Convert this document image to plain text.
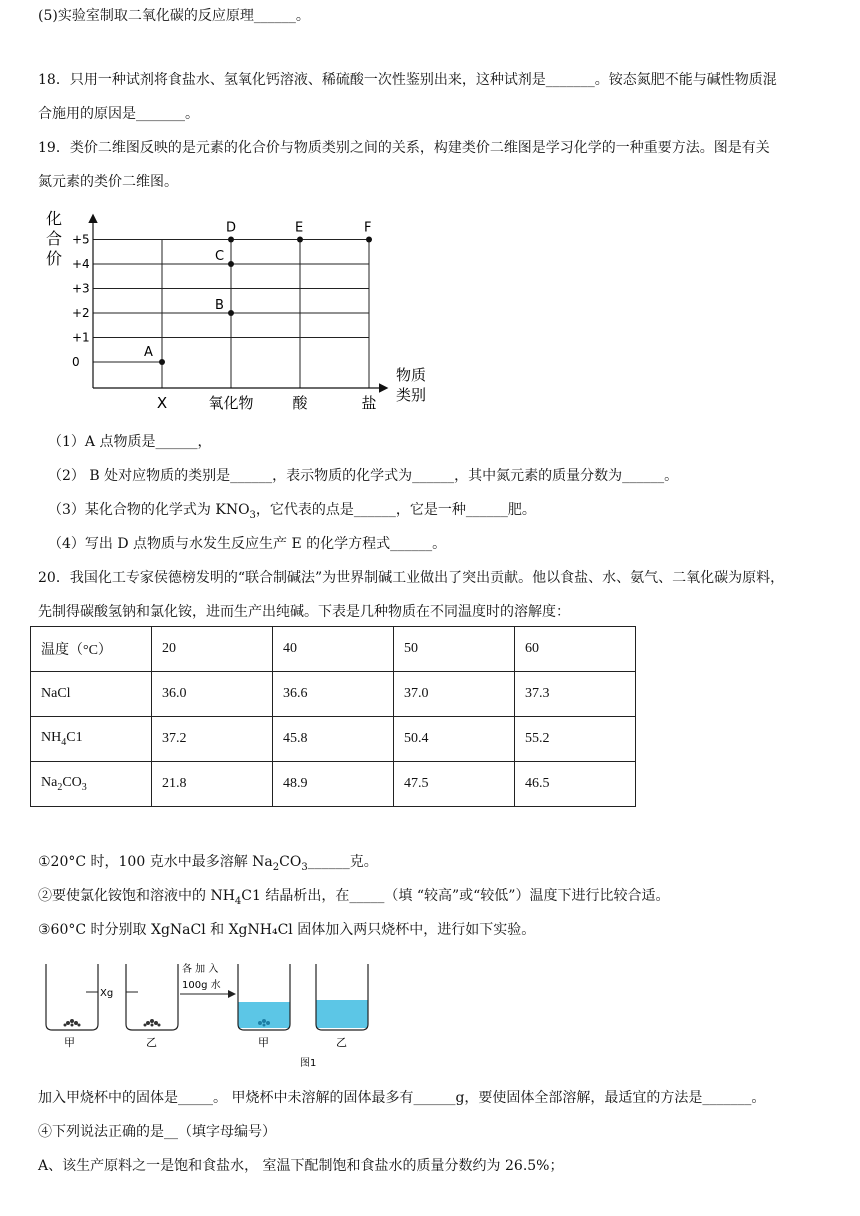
(5)实验室制取二氧化碳的反应原理______。
18．只用一种试剂将食盐水、氢氧化钙溶液、稀硫酸一次性鉴别出来，这种试剂是_______。铵态氮肥不能与碱性物质混
合施用的原因是_______。
19．类价二维图反映的是元素的化合价与物质类别之间的关系，构建类价二维图是学习化学的一种重要方法。图是有关
氮元素的类价二维图。
化
合
价
+5
+4
+3
+2
+1
0
X	氧化物	酸	盐
A
B
C
D	E	F
物质
类别
（1）A 点物质是______，
（2） B 处对应物质的类别是______，表示物质的化学式为______，其中氮元素的质量分数为______。
（3）某化合物的化学式为 $KNO_3$，它代表的点是______，它是一种______肥。
（4）写出 D 点物质与水发生反应生产 E 的化学方程式______。
20．我国化工专家侯德榜发明的“联合制碱法”为世界制碱工业做出了突出贡献。他以食盐、水、氨气、二氧化碳为原料，
先制得碳酸氢钠和氯化铵，进而生产出纯碱。下表是几种物质在不同温度时的溶解度：
温度（°C）	20	40	50	60
NaCl	36.0	36.6	37.0	37.3
$NH_4C1$	37.2	45.8	50.4	55.2
$Na_2CO_3$	21.8	48.9	47.5	46.5
①20°C 时，100 克水中最多溶解 $Na_2CO_3\_\_\_\_\_\_$克。
②要使氯化铵饱和溶液中的 $NH_4C1$ 结晶析出，在_____（填 “较高”或“较低”）温度下进行比较合适。
③60°C 时分别取 XgNaCl 和 XgNH₄Cl 固体加入两只烧杯中，进行如下实验。
Xg
甲	乙
各 加 入
100g 水
甲	乙
图1
加入甲烧杯中的固体是_____。 甲烧杯中未溶解的固体最多有______g，要使固体全部溶解，最适宜的方法是_______。
④下列说法正确的是__（填字母编号）
A、该生产原料之一是饱和食盐水， 室温下配制饱和食盐水的质量分数约为 26.5%；
